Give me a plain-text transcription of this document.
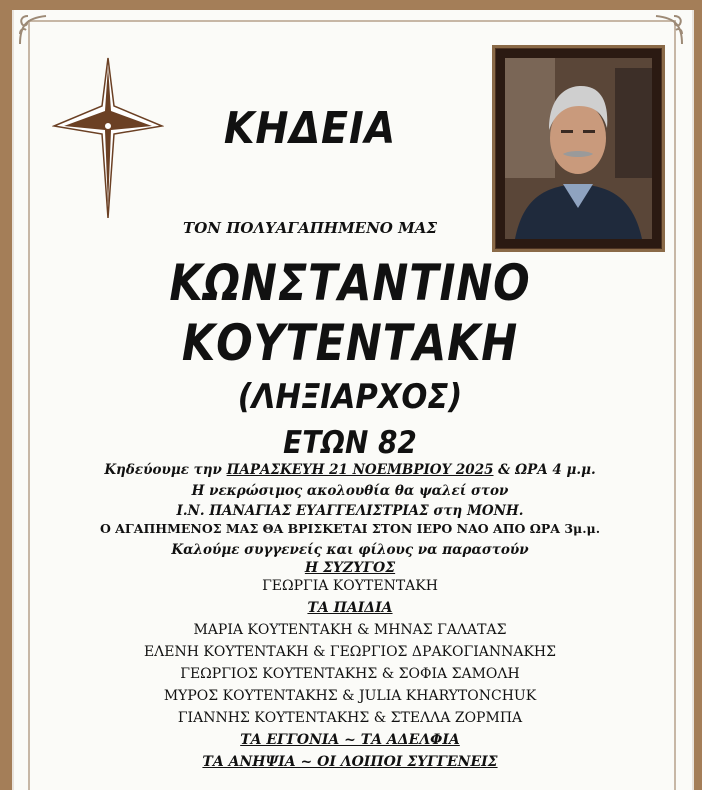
ΚΗΔΕΙΑ
ΤΟΝ ΠΟΛΥΑΓΑΠΗΜΕΝΟ ΜΑΣ
ΚΩΝΣΤΑΝΤΙΝΟ
ΚΟΥΤΕΝΤΑΚΗ
(ΛΗΞΙΑΡΧΟΣ)
ΕΤΩΝ 82
Κηδεύουμε την ΠΑΡΑΣΚΕΥΗ 21 ΝΟΕΜΒΡΙΟΥ 2025 & ΩΡΑ 4 μ.μ.
Η νεκρώσιμος ακολουθία θα ψαλεί στον
Ι.Ν. ΠΑΝΑΓΙΑΣ ΕΥΑΓΓΕΛΙΣΤΡΙΑΣ στη ΜΟΝΗ.
Ο ΑΓΑΠΗΜΕΝΟΣ ΜΑΣ ΘΑ ΒΡΙΣΚΕΤΑΙ ΣΤΟΝ ΙΕΡΟ ΝΑΟ ΑΠΟ ΩΡΑ 3μ.μ.
Καλούμε συγγενείς και φίλους να παραστούν
Η ΣΥΖΥΓΟΣ
ΓΕΩΡΓΙΑ ΚΟΥΤΕΝΤΑΚΗ
ΤΑ ΠΑΙΔΙΑ
ΜΑΡΙΑ ΚΟΥΤΕΝΤΑΚΗ & ΜΗΝΑΣ ΓΑΛΑΤΑΣ
ΕΛΕΝΗ ΚΟΥΤΕΝΤΑΚΗ & ΓΕΩΡΓΙΟΣ ΔΡΑΚΟΓΙΑΝΝΑΚΗΣ
ΓΕΩΡΓΙΟΣ ΚΟΥΤΕΝΤΑΚΗΣ & ΣΟΦΙΑ ΣΑΜΟΛΗ
ΜΥΡΟΣ ΚΟΥΤΕΝΤΑΚΗΣ & JULIA KHARYTONCHUK
ΓΙΑΝΝΗΣ ΚΟΥΤΕΝΤΑΚΗΣ & ΣΤΕΛΛΑ ΖΟΡΜΠΑ
ΤΑ ΕΓΓΟΝΙΑ ~ ΤΑ ΑΔΕΛΦΙΑ
ΤΑ ΑΝΗΨΙΑ ~ ΟΙ ΛΟΙΠΟΙ ΣΥΓΓΕΝΕΙΣ
